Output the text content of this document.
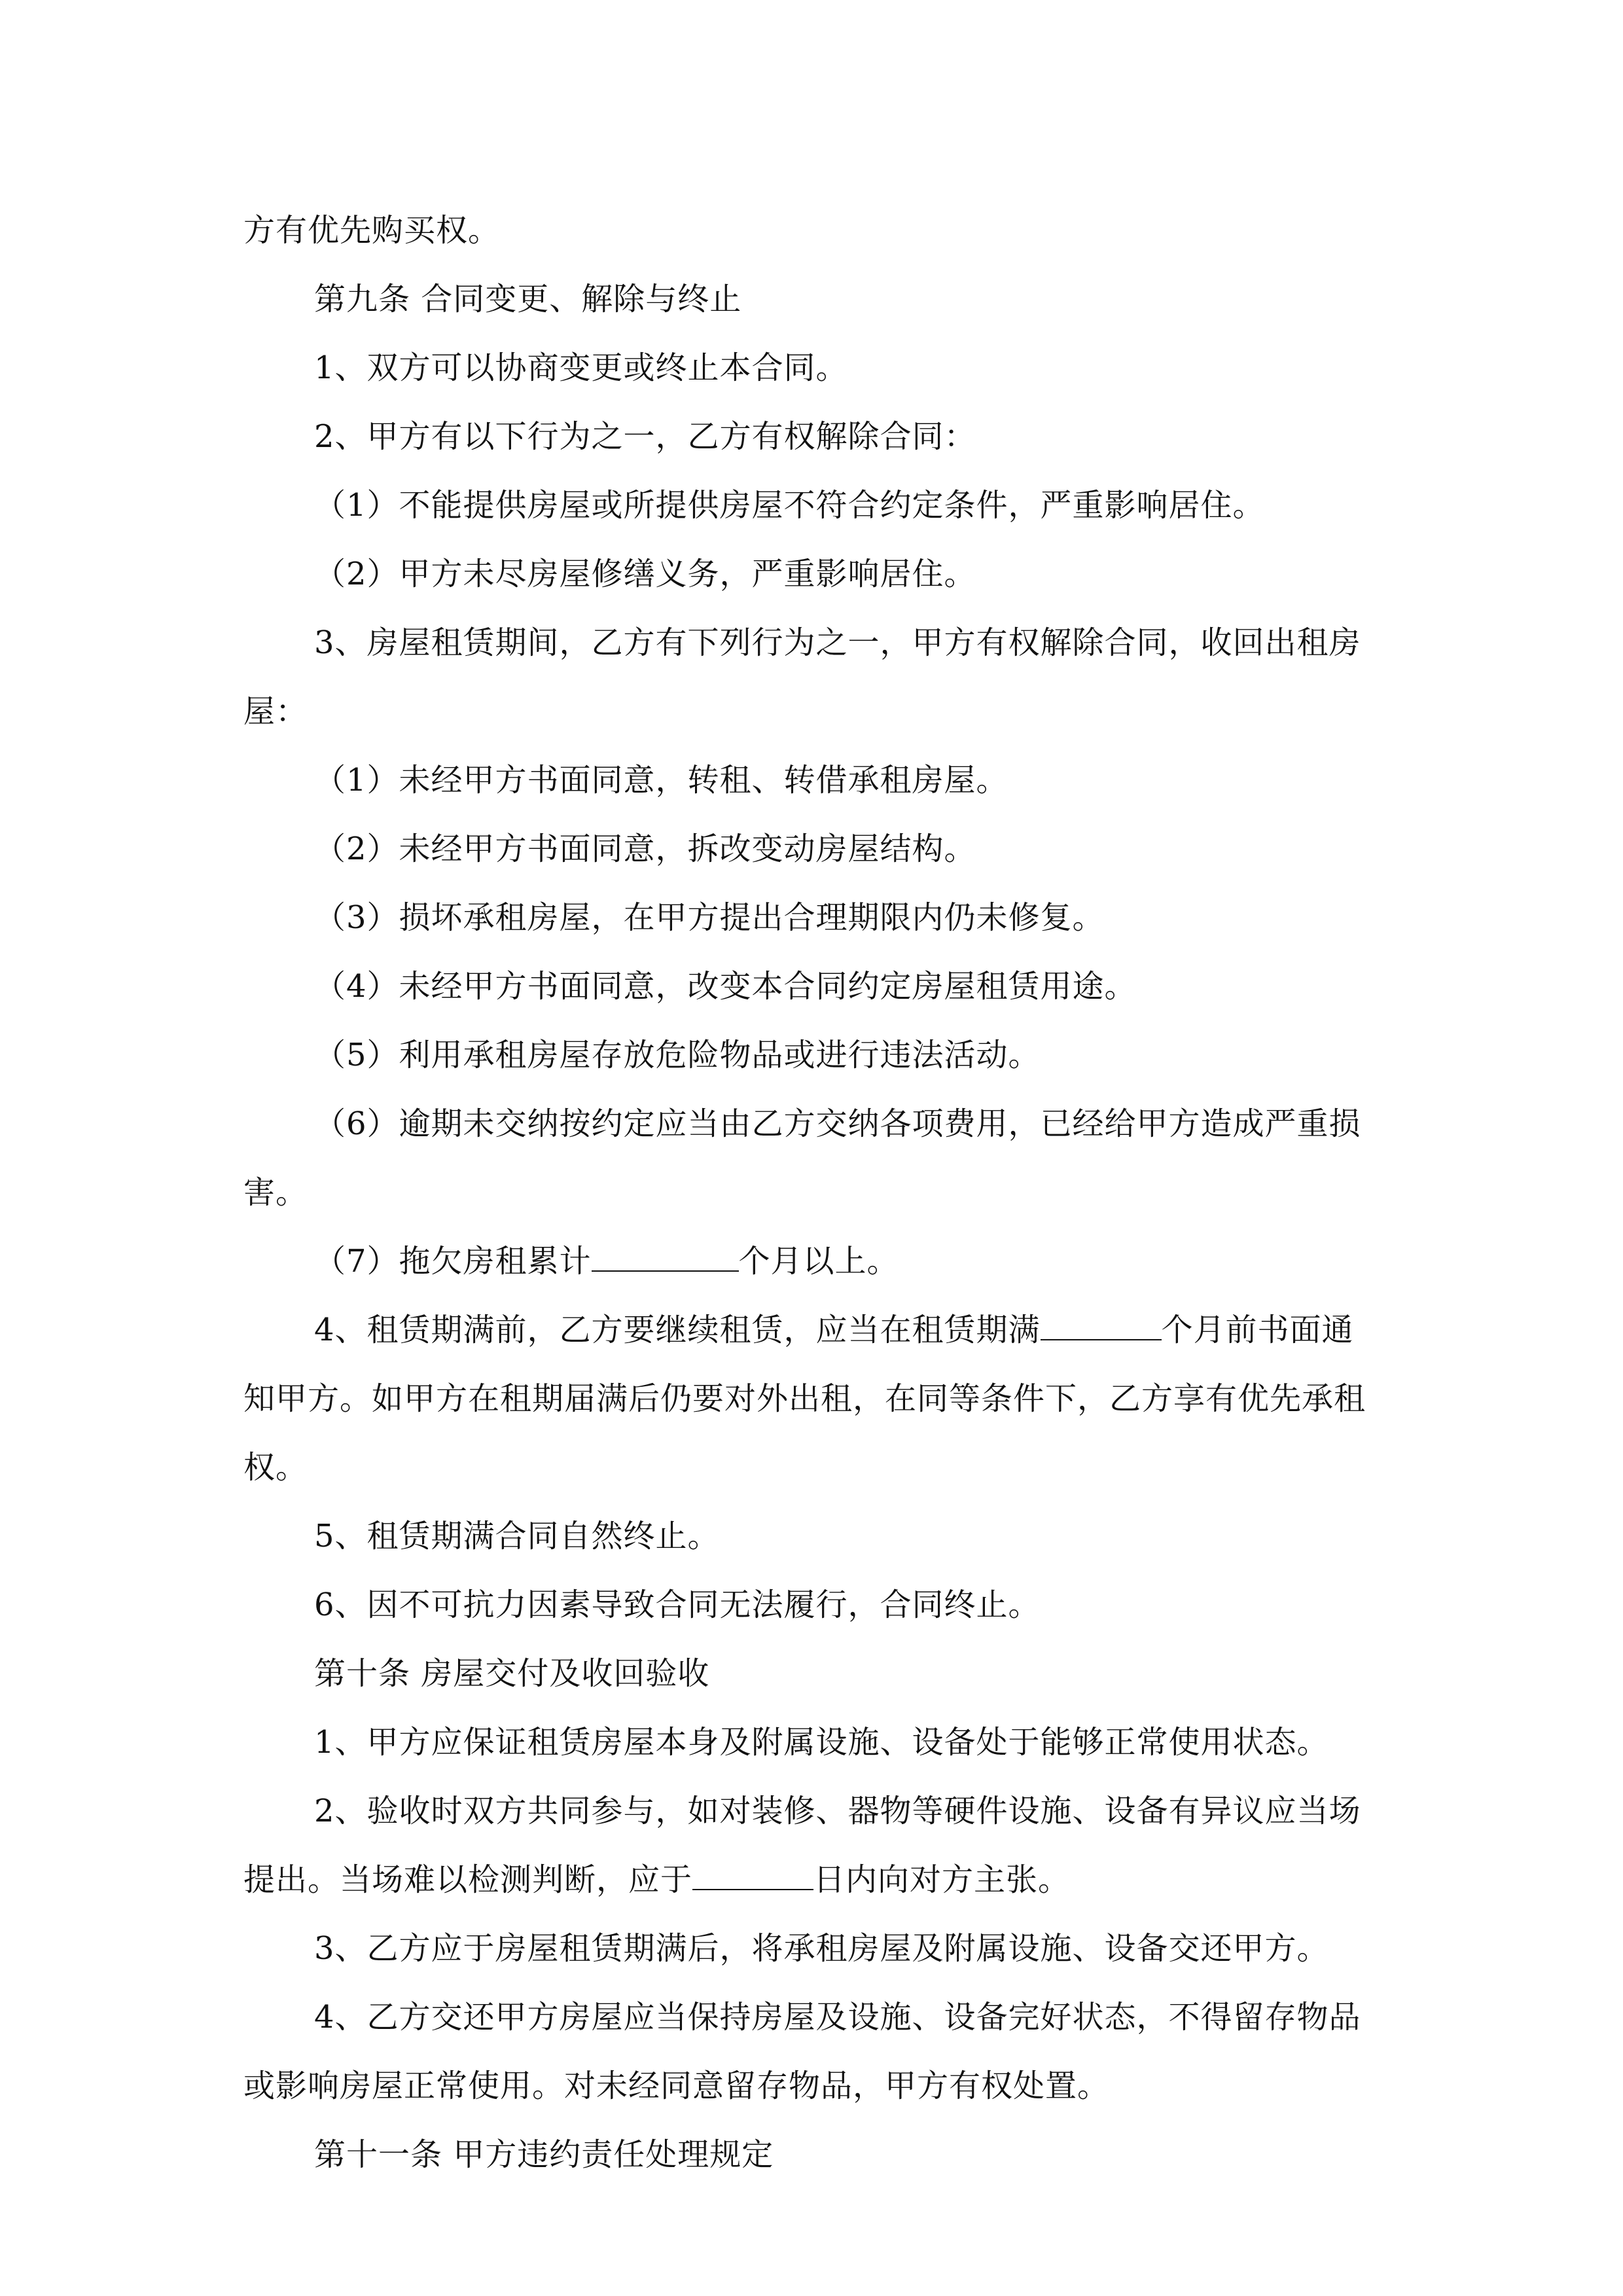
方有优先购买权。
第九条 合同变更、解除与终止
1、双方可以协商变更或终止本合同。
2、甲方有以下行为之一，乙方有权解除合同：
（1）不能提供房屋或所提供房屋不符合约定条件，严重影响居住。
（2）甲方未尽房屋修缮义务，严重影响居住。
3、房屋租赁期间，乙方有下列行为之一，甲方有权解除合同，收回出租房
屋：
（1）未经甲方书面同意，转租、转借承租房屋。
（2）未经甲方书面同意，拆改变动房屋结构。
（3）损坏承租房屋，在甲方提出合理期限内仍未修复。
（4）未经甲方书面同意，改变本合同约定房屋租赁用途。
（5）利用承租房屋存放危险物品或进行违法活动。
（6）逾期未交纳按约定应当由乙方交纳各项费用，已经给甲方造成严重损
害。
（7）拖欠房租累计	个月以上。
4、租赁期满前，乙方要继续租赁，应当在租赁期满	个月前书面通
知甲方。如甲方在租期届满后仍要对外出租，在同等条件下，乙方享有优先承租
权。
5、租赁期满合同自然终止。
6、因不可抗力因素导致合同无法履行，合同终止。
第十条 房屋交付及收回验收
1、甲方应保证租赁房屋本身及附属设施、设备处于能够正常使用状态。
2、验收时双方共同参与，如对装修、器物等硬件设施、设备有异议应当场
提出。当场难以检测判断，应于	日内向对方主张。
3、乙方应于房屋租赁期满后，将承租房屋及附属设施、设备交还甲方。
4、乙方交还甲方房屋应当保持房屋及设施、设备完好状态，不得留存物品
或影响房屋正常使用。对未经同意留存物品，甲方有权处置。
第十一条 甲方违约责任处理规定
